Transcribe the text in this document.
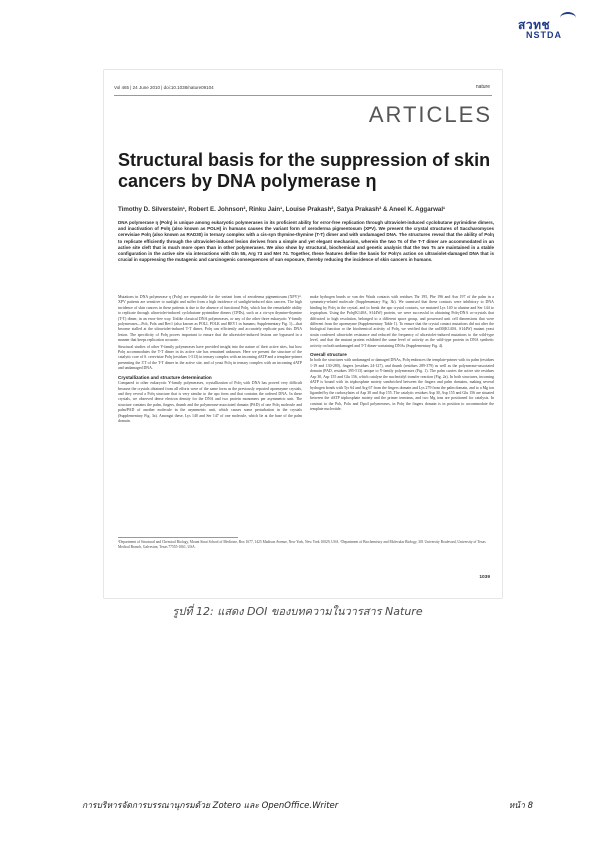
สวทช
NSTDA
Vol 465 | 24 June 2010 | doi:10.1038/nature09104	nature
ARTICLES
Structural basis for the suppression of skin cancers by DNA polymerase η
Timothy D. Silverstein¹, Robert E. Johnson², Rinku Jain¹, Louise Prakash², Satya Prakash² & Aneel K. Aggarwal¹
DNA polymerase η (Polη) is unique among eukaryotic polymerases in its proficient ability for error-free replication through ultraviolet-induced cyclobutane pyrimidine dimers, and inactivation of Polη (also known as POLH) in humans causes the variant form of xeroderma pigmentosum (XPV). We present the crystal structures of Saccharomyces cerevisiae Polη (also known as RAD30) in ternary complex with a cis-syn thymine-thymine (T-T) dimer and with undamaged DNA. The structures reveal that the ability of Polη to replicate efficiently through the ultraviolet-induced lesion derives from a simple and yet elegant mechanism, wherein the two Ts of the T-T dimer are accommodated in an active site cleft that is much more open than in other polymerases. We also show by structural, biochemical and genetic analysis that the two Ts are maintained in a stable configuration in the active site via interactions with Gln 55, Arg 73 and Met 74. Together, these features define the basis for Polη's action on ultraviolet-damaged DNA that is crucial in suppressing the mutagenic and carcinogenic consequences of sun exposure, thereby reducing the incidence of skin cancers in humans.

Mutations in DNA polymerase η (Polη) are responsible for the variant form of xeroderma pigmentosum (XPV)¹². XPV patients are sensitive to sunlight and suffer from a high incidence of sunlight-induced skin cancers. The high incidence of skin cancers in these patients is due to the absence of functional Polη, which has the remarkable ability to replicate through ultraviolet-induced cyclobutane pyrimidine dimers (CPDs), such as a cis-syn thymine-thymine (T-T) dimer, in an error-free way. Unlike classical DNA polymerases, or any of the other three eukaryotic Y-family polymerases—Polι, Polκ and Rev1 (also known as POLI, POLK and REV1 in humans; Supplementary Fig. 1)—that become stalled at the ultraviolet-induced T-T dimer, Polη can efficiently and accurately replicate past this DNA lesion. The specificity of Polη proves important to ensure that the ultraviolet-induced lesions are bypassed in a manner that keeps replication accurate.

Structural studies of other Y-family polymerases have provided insight into the nature of their active sites, but how Polη accommodates the T-T dimer in its active site has remained unknown. Here we present the structure of the catalytic core of S. cerevisiae Polη (residues 1-513) in ternary complex with an incoming dATP and a template-primer presenting the 3'T of the T-T dimer in the active site, and of yeast Polη in ternary complex with an incoming dATP and undamaged DNA.

Crystallization and structure determination

Compared to other eukaryotic Y-family polymerases, crystallization of Polη with DNA has proved very difficult because the crystals obtained from all efforts were of the same form as the previously reported apoenzyme crystals, and they reveal a Polη structure that is very similar to the apo form and that contains the ordered DNA. In these crystals, we observed dense electron density for the DNA and two protein monomers per asymmetric unit. The structure contains the palm, fingers, thumb and the polymerase-associated domain (PAD) of one Polη molecule and palm/PAD of another molecule in the asymmetric unit, which causes some perturbation in the crystals (Supplementary Fig. 3a). Amongst these, Lys 140 and Ser 147 of one molecule, which lie at the base of the palm domain.

make hydrogen bonds or van der Waals contacts with residues Thr 195, Phe 196 and Asn 197 of the palm in a symmetry-related molecule (Supplementary Fig. 3b). We surmised that these contacts were inhibitory to DNA binding by Polη in the crystal, and to break the apo crystal contacts, we mutated Lys 140 to alanine and Ser 144 to tryptophan. Using the Polη(K140A, S144W) protein, we were successful in obtaining Polη-DNA co-crystals that diffracted to high resolution, belonged to a different space group, and possessed unit cell dimensions that were different from the apoenzyme (Supplementary Table 1). To ensure that the crystal contact mutations did not alter the biological function or the biochemical activity of Polη, we verified that the rad30(K140A, S144W) mutant yeast strain conferred ultraviolet resistance and reduced the frequency of ultraviolet-induced mutations to the wild-type level, and that the mutant protein exhibited the same level of activity as the wild-type protein in DNA synthetic activity on both undamaged and T-T dimer-containing DNAs (Supplementary Fig. 4).

Overall structure

In both the structures with undamaged or damaged DNAs, Polη embraces the template-primer with its palm (residues 1-19 and 130-280), fingers (residues 24-127), and thumb (residues 289-379) as well as the polymerase-associated domain (PAD, residues 395-513) unique to Y-family polymerases (Fig. 1). The palm carries the active site residues Asp 30, Asp 155 and Glu 156, which catalyse the nucleotidyl transfer reaction (Fig. 2a). In both structures, incoming dATP is bound with its triphosphate moiety sandwiched between the fingers and palm domains, making several hydrogen bonds with Tyr 64 and Arg 67 from the fingers domain and Lys 279 from the palm domain, and to a Mg ion liganded by the carboxylates of Asp 30 and Asp 155. The catalytic residues Asp 30, Asp 155 and Glu 156 are situated between the dATP triphosphate moiety and the primer terminus, and two Mg ions are positioned for catalysis. In contrast to the Polι, Polκ and Dpo4 polymerases, in Polη the fingers domain is in position to accommodate the template nucleotide.

¹Department of Structural and Chemical Biology, Mount Sinai School of Medicine, Box 1677, 1425 Madison Avenue, New York, New York 10029, USA. ²Department of Biochemistry and Molecular Biology, 301 University Boulevard, University of Texas Medical Branch, Galveston, Texas 77555-1061, USA.
1039
รูปที่ 12: แสดง DOI ของบทความในวารสาร Nature
การบริหารจัดการบรรณานุกรมด้วย Zotero และ OpenOffice.Writer	หน้า 8
